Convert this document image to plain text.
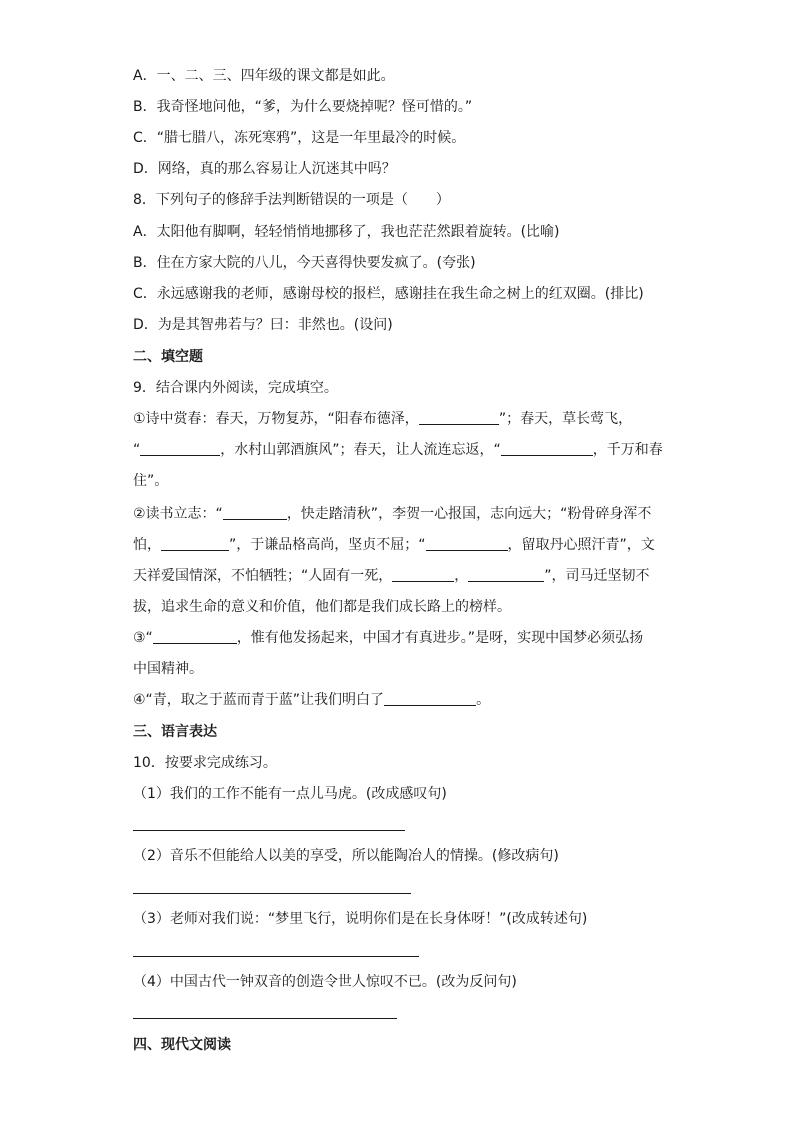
A．一、二、三、四年级的课文都是如此。
B．我奇怪地问他，“爹，为什么要烧掉呢？怪可惜的。”
C．“腊七腊八，冻死寒鸦”，这是一年里最冷的时候。
D．网络，真的那么容易让人沉迷其中吗？
8．下列句子的修辞手法判断错误的一项是（　　）
A．太阳他有脚啊，轻轻悄悄地挪移了，我也茫茫然跟着旋转。(比喻)
B．住在方家大院的八儿，今天喜得快要发疯了。(夸张)
C．永远感谢我的老师，感谢母校的报栏，感谢挂在我生命之树上的红双圈。(排比)
D．为是其智弗若与？曰：非然也。(设问)
二、填空题
9．结合课内外阅读，完成填空。
①诗中赏春：春天，万物复苏，“阳春布德泽，	”；春天，草长莺飞，
“	，水村山郭酒旗风”；春天，让人流连忘返，“	，千万和春
住”。
②读书立志：“	，快走踏清秋”，李贺一心报国，志向远大；“粉骨碎身浑不
怕，	”，于谦品格高尚，坚贞不屈；“	，留取丹心照汗青”，文
天祥爱国情深，不怕牺牲；“人固有一死，	，	”，司马迁坚韧不
拔，追求生命的意义和价值，他们都是我们成长路上的榜样。
③“	，惟有他发扬起来，中国才有真进步。”是呀，实现中国梦必须弘扬
中国精神。
④“青，取之于蓝而青于蓝”让我们明白了	。
三、语言表达
10．按要求完成练习。
（1）我们的工作不能有一点儿马虎。(改成感叹句)
（2）音乐不但能给人以美的享受，所以能陶冶人的情操。(修改病句)
（3）老师对我们说：“梦里飞行，说明你们是在长身体呀！”(改成转述句)
（4）中国古代一钟双音的创造令世人惊叹不已。(改为反问句)
四、现代文阅读
